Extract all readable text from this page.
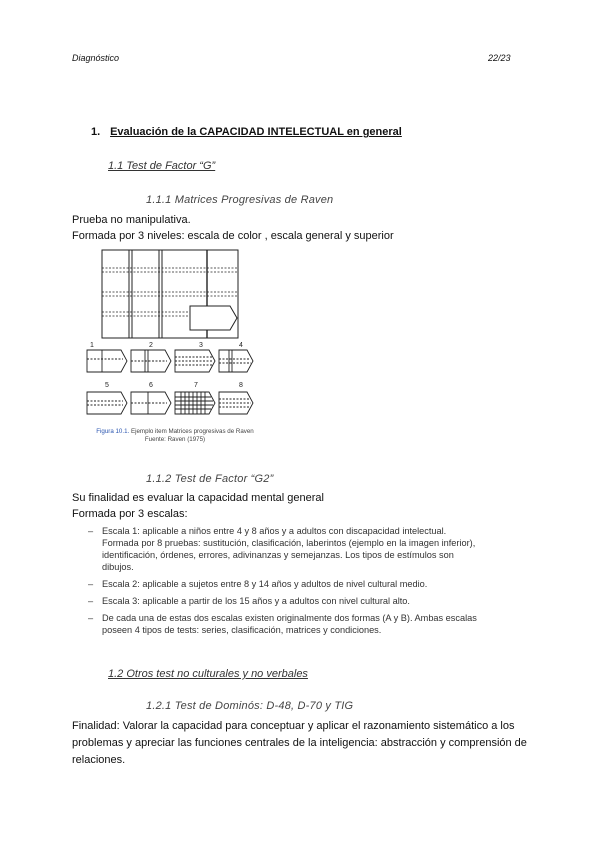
Diagnóstico	22/23
1. Evaluación de la CAPACIDAD INTELECTUAL en general
1.1 Test de Factor “G”
1.1.1 Matrices Progresivas de Raven
Prueba no manipulativa.
Formada por 3 niveles: escala de color , escala general y superior
1	2	3	4
5	6	7	8
Figura 10.1. Ejemplo item Matrices progresivas de Raven
Fuente: Raven (1975)
1.1.2 Test de Factor “G2”
Su finalidad es evaluar la capacidad mental general
Formada por 3 escalas:
– Escala 1: aplicable a niños entre 4 y 8 años y a adultos con discapacidad intelectual. Formada por 8 pruebas: sustitución, clasificación, laberintos (ejemplo en la imagen inferior), identificación, órdenes, errores, adivinanzas y semejanzas. Los tipos de estímulos son dibujos.
– Escala 2: aplicable a sujetos entre 8 y 14 años y adultos de nivel cultural medio.
– Escala 3: aplicable a partir de los 15 años y a adultos con nivel cultural alto.
– De cada una de estas dos escalas existen originalmente dos formas (A y B). Ambas escalas poseen 4 tipos de tests: series, clasificación, matrices y condiciones.
1.2 Otros test no culturales y no verbales
1.2.1 Test de Dominós: D-48, D-70 y TIG
Finalidad: Valorar la capacidad para conceptuar y aplicar el razonamiento sistemático a los problemas y apreciar las funciones centrales de la inteligencia: abstracción y comprensión de relaciones.
